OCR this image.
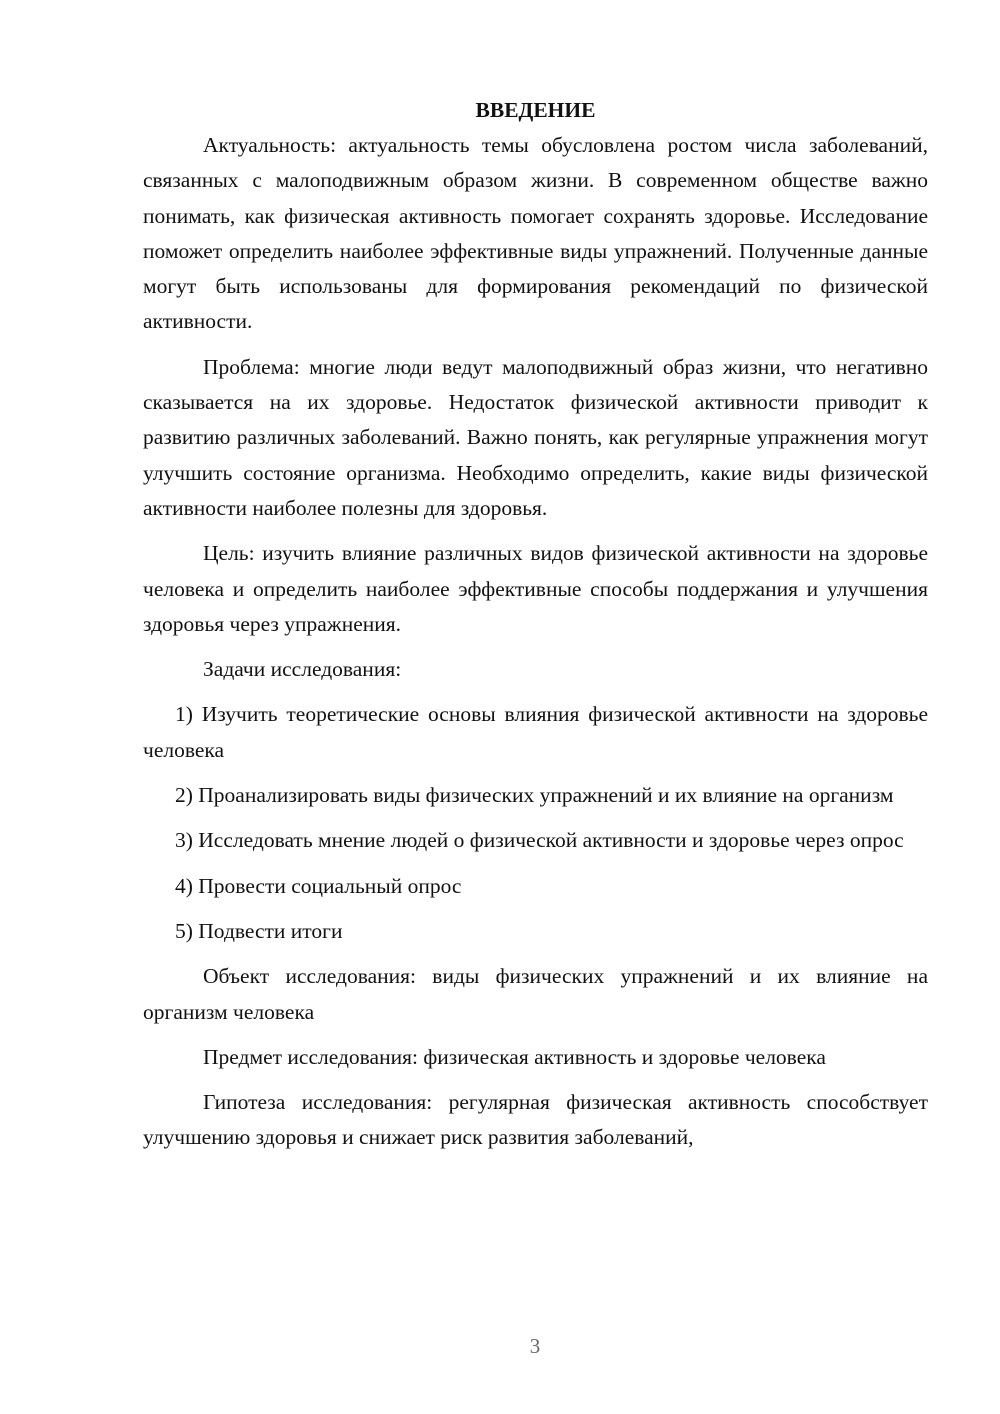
ВВЕДЕНИЕ

Актуальность: актуальность темы обусловлена ростом числа заболеваний, связанных с малоподвижным образом жизни. В современном обществе важно понимать, как физическая активность помогает сохранять здоровье. Исследование поможет определить наиболее эффективные виды упражнений. Полученные данные могут быть использованы для формирования рекомендаций по физической активности.

Проблема: многие люди ведут малоподвижный образ жизни, что негативно сказывается на их здоровье. Недостаток физической активности приводит к развитию различных заболеваний. Важно понять, как регулярные упражнения могут улучшить состояние организма. Необходимо определить, какие виды физической активности наиболее полезны для здоровья.

Цель: изучить влияние различных видов физической активности на здоровье человека и определить наиболее эффективные способы поддержания и улучшения здоровья через упражнения.

Задачи исследования:

1) Изучить теоретические основы влияния физической активности на здоровье человека

2) Проанализировать виды физических упражнений и их влияние на организм

3) Исследовать мнение людей о физической активности и здоровье через опрос

4) Провести социальный опрос

5) Подвести итоги

Объект исследования: виды физических упражнений и их влияние на организм человека

Предмет исследования: физическая активность и здоровье человека

Гипотеза исследования: регулярная физическая активность способствует улучшению здоровья и снижает риск развития заболеваний,

3
